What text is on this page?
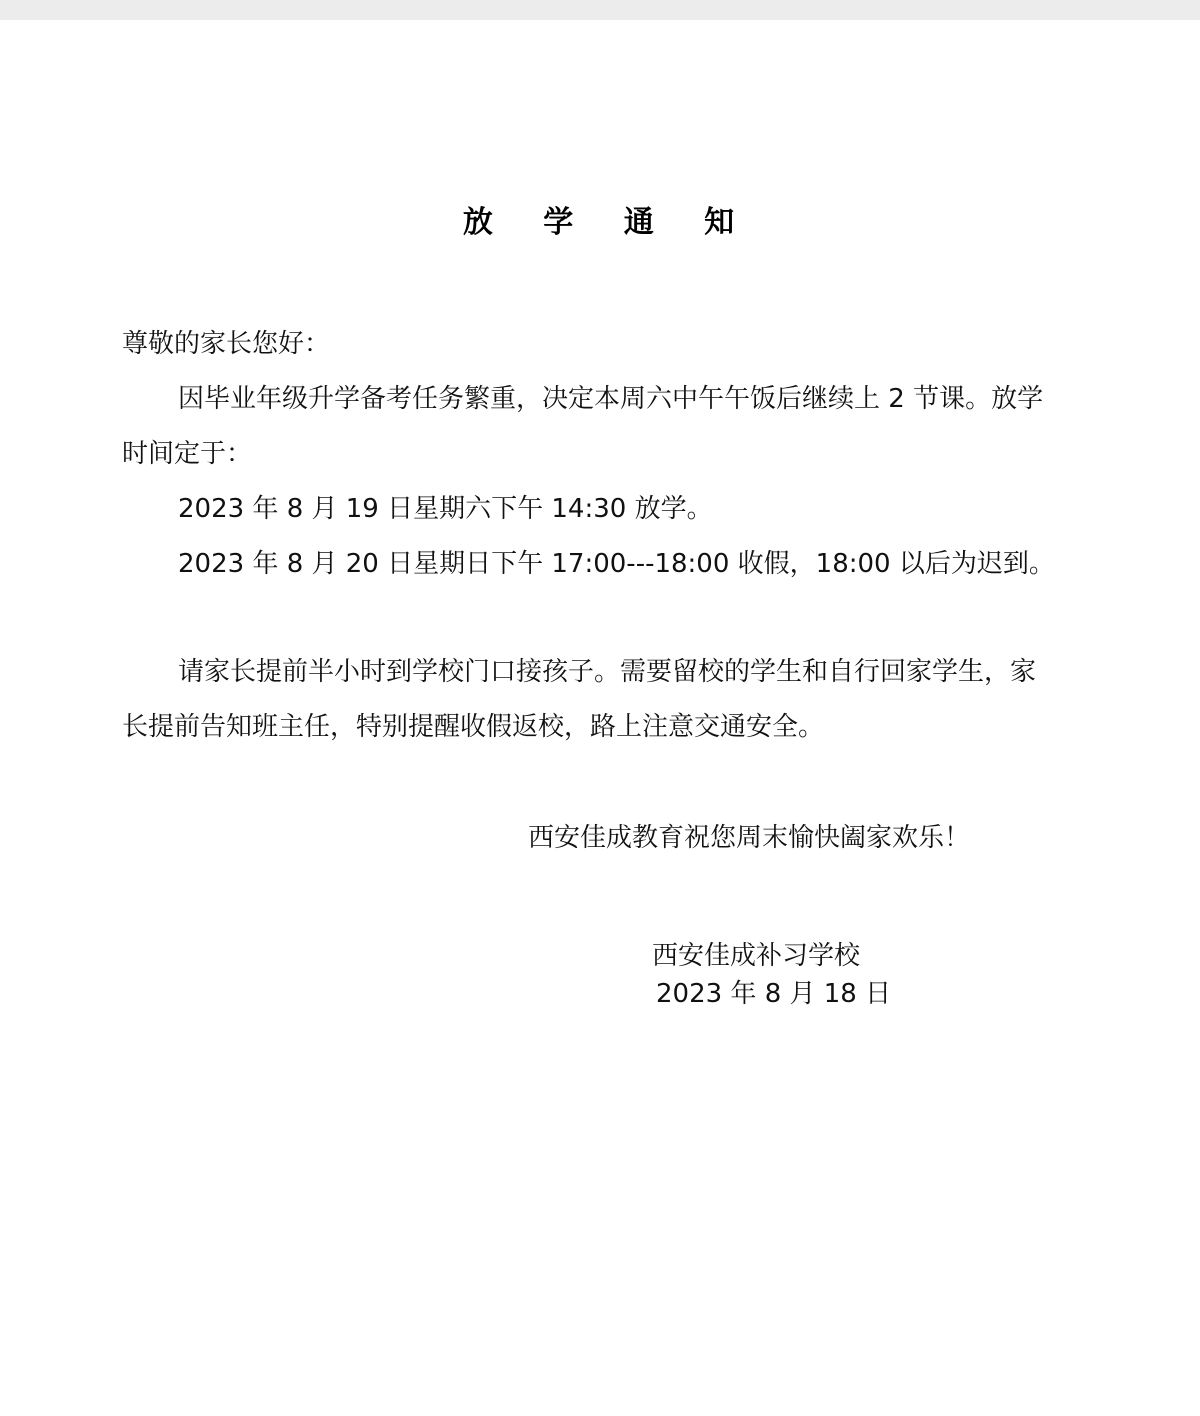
放 学 通 知
尊敬的家长您好：
因毕业年级升学备考任务繁重，决定本周六中午午饭后继续上 2 节课。放学
时间定于：
2023 年 8 月 19 日星期六下午 14:30 放学。
2023 年 8 月 20 日星期日下午 17:00---18:00 收假，18:00 以后为迟到。
请家长提前半小时到学校门口接孩子。需要留校的学生和自行回家学生，家
长提前告知班主任，特别提醒收假返校，路上注意交通安全。
西安佳成教育祝您周末愉快阖家欢乐！
西安佳成补习学校
2023 年 8 月 18 日
